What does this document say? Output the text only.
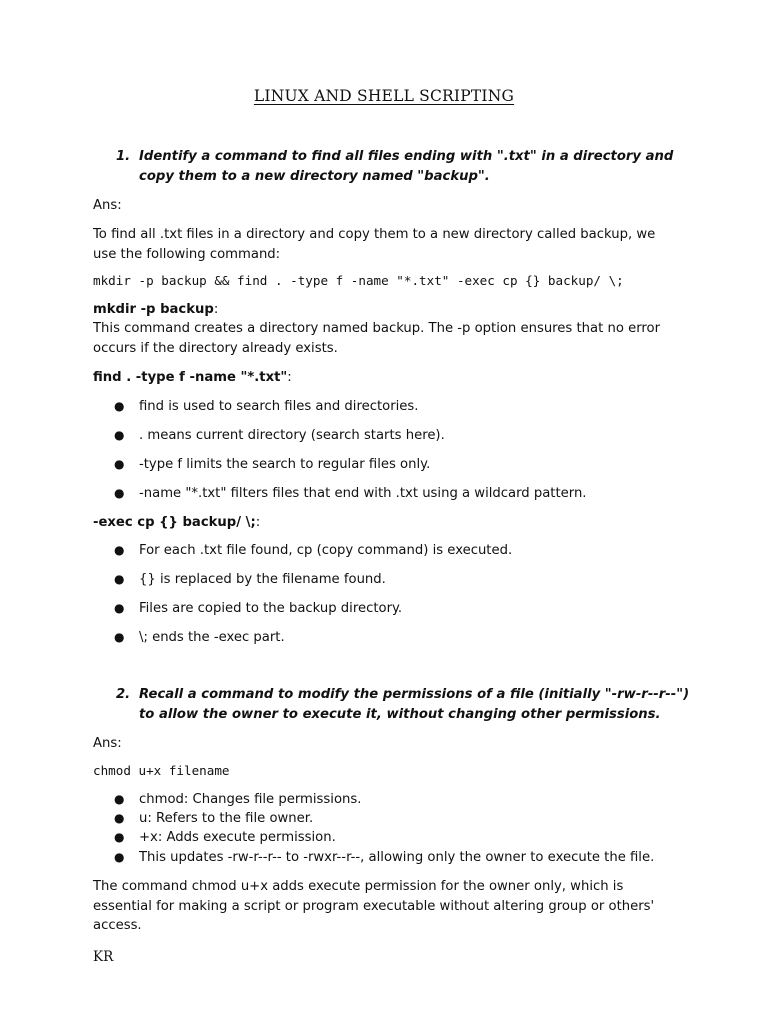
LINUX AND SHELL SCRIPTING
1. Identify a command to find all files ending with ".txt" in a directory and copy them to a new directory named "backup".
Ans:
To find all .txt files in a directory and copy them to a new directory called backup, we use the following command:
mkdir -p backup && find . -type f -name "*.txt" -exec cp {} backup/ \;
mkdir -p backup:
This command creates a directory named backup. The -p option ensures that no error occurs if the directory already exists.
find . -type f -name "*.txt":
● find is used to search files and directories.
● . means current directory (search starts here).
● -type f limits the search to regular files only.
● -name "*.txt" filters files that end with .txt using a wildcard pattern.
-exec cp {} backup/ \;:
● For each .txt file found, cp (copy command) is executed.
● {} is replaced by the filename found.
● Files are copied to the backup directory.
● \; ends the -exec part.
2. Recall a command to modify the permissions of a file (initially "-rw-r--r--") to allow the owner to execute it, without changing other permissions.
Ans:
chmod u+x filename
● chmod: Changes file permissions.
● u: Refers to the file owner.
● +x: Adds execute permission.
● This updates -rw-r--r-- to -rwxr--r--, allowing only the owner to execute the file.
The command chmod u+x adds execute permission for the owner only, which is essential for making a script or program executable without altering group or others' access.
KR
